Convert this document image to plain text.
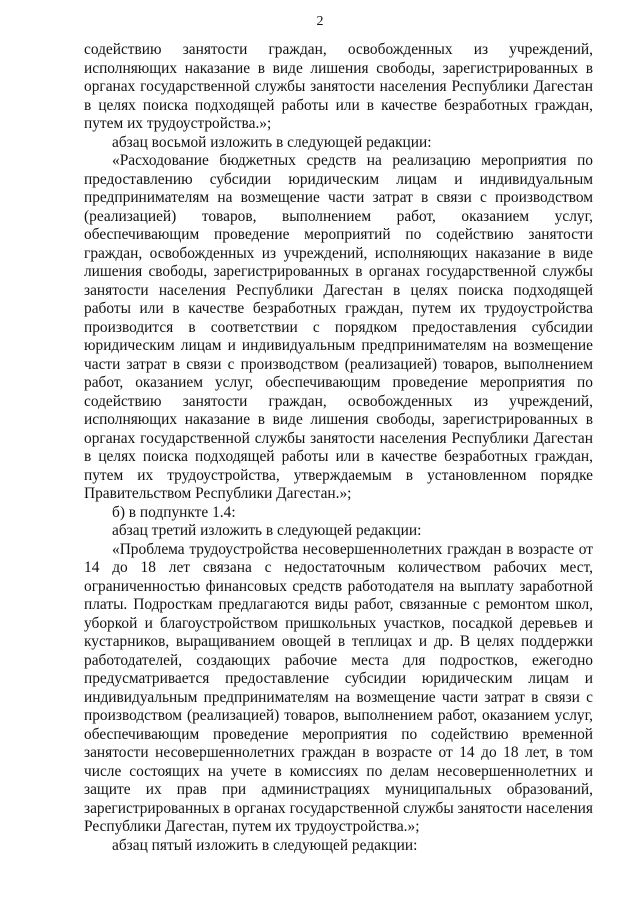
2

содействию занятости граждан, освобожденных из учреждений, исполняющих наказание в виде лишения свободы, зарегистрированных в органах государственной службы занятости населения Республики Дагестан в целях поиска подходящей работы или в качестве безработных граждан, путем их трудоустройства.»;

абзац восьмой изложить в следующей редакции:

«Расходование бюджетных средств на реализацию мероприятия по предоставлению субсидии юридическим лицам и индивидуальным предпринимателям на возмещение части затрат в связи с производством (реализацией) товаров, выполнением работ, оказанием услуг, обеспечивающим проведение мероприятий по содействию занятости граждан, освобожденных из учреждений, исполняющих наказание в виде лишения свободы, зарегистрированных в органах государственной службы занятости населения Республики Дагестан в целях поиска подходящей работы или в качестве безработных граждан, путем их трудоустройства производится в соответствии с порядком предоставления субсидии юридическим лицам и индивидуальным предпринимателям на возмещение части затрат в связи с производством (реализацией) товаров, выполнением работ, оказанием услуг, обеспечивающим проведение мероприятия по содействию занятости граждан, освобожденных из учреждений, исполняющих наказание в виде лишения свободы, зарегистрированных в органах государственной службы занятости населения Республики Дагестан в целях поиска подходящей работы или в качестве безработных граждан, путем их трудоустройства, утверждаемым в установленном порядке Правительством Республики Дагестан.»;

б) в подпункте 1.4:

абзац третий изложить в следующей редакции:

«Проблема трудоустройства несовершеннолетних граждан в возрасте от 14 до 18 лет связана с недостаточным количеством рабочих мест, ограниченностью финансовых средств работодателя на выплату заработной платы. Подросткам предлагаются виды работ, связанные с ремонтом школ, уборкой и благоустройством пришкольных участков, посадкой деревьев и кустарников, выращиванием овощей в теплицах и др. В целях поддержки работодателей, создающих рабочие места для подростков, ежегодно предусматривается предоставление субсидии юридическим лицам и индивидуальным предпринимателям на возмещение части затрат в связи с производством (реализацией) товаров, выполнением работ, оказанием услуг, обеспечивающим проведение мероприятия по содействию временной занятости несовершеннолетних граждан в возрасте от 14 до 18 лет, в том числе состоящих на учете в комиссиях по делам несовершеннолетних и защите их прав при администрациях муниципальных образований, зарегистрированных в органах государственной службы занятости населения Республики Дагестан, путем их трудоустройства.»;

абзац пятый изложить в следующей редакции:
